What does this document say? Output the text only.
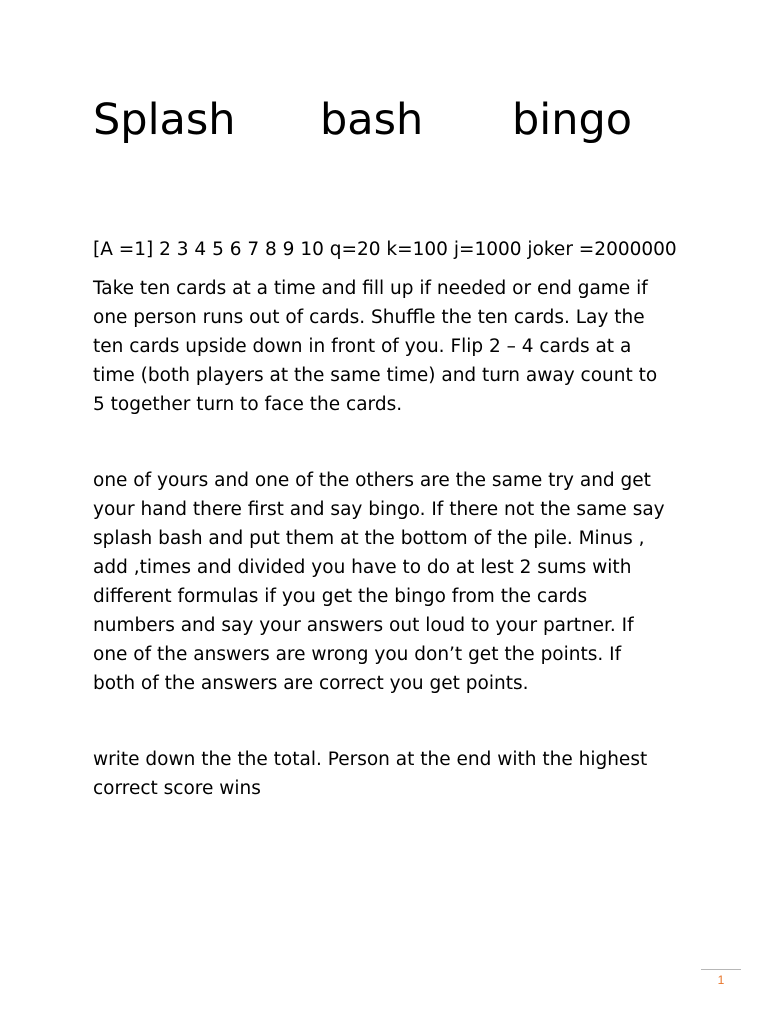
Splash bash bingo

[A =1] 2 3 4 5 6 7 8 9 10 q=20 k=100 j=1000 joker =2000000

Take ten cards at a time and fill up if needed or end game if
one person runs out of cards. Shuffle the ten cards. Lay the
ten cards upside down in front of you. Flip 2 – 4 cards at a
time (both players at the same time) and turn away count to
5 together turn to face the cards.

one of yours and one of the others are the same try and get
your hand there first and say bingo. If there not the same say
splash bash and put them at the bottom of the pile. Minus ,
add ,times and divided you have to do at lest 2 sums with
different formulas if you get the bingo from the cards
numbers and say your answers out loud to your partner. If
one of the answers are wrong you don’t get the points. If
both of the answers are correct you get points.

write down the the total. Person at the end with the highest
correct score wins

1
